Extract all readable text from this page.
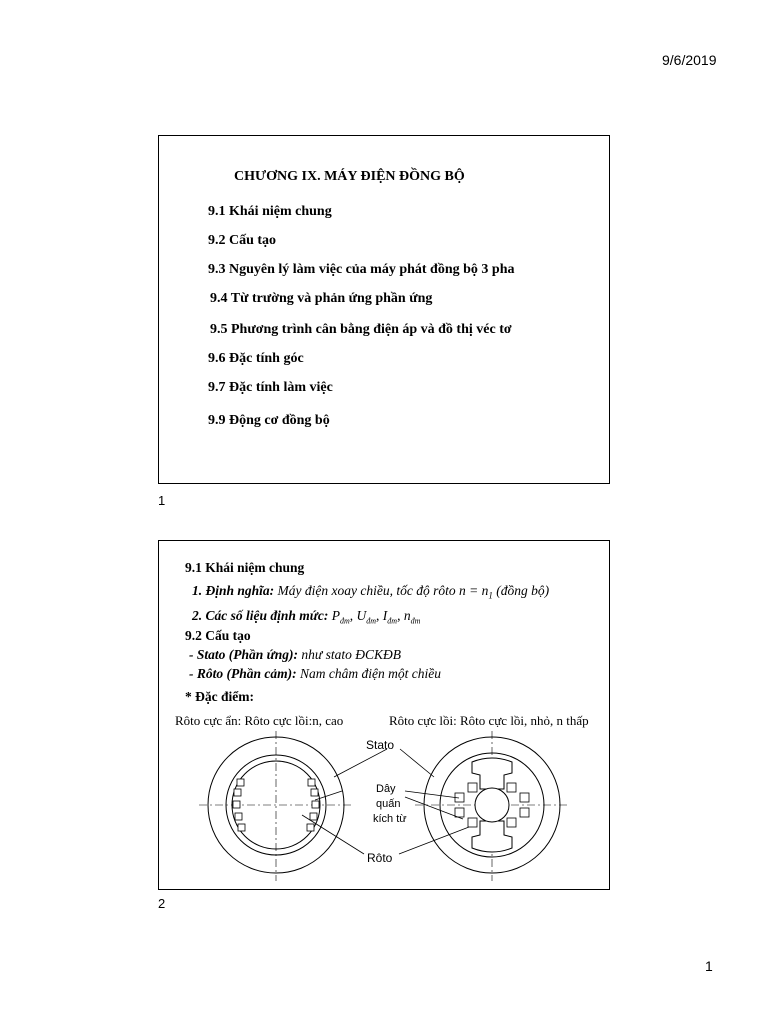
9/6/2019
CHƯƠNG IX. MÁY ĐIỆN ĐỒNG BỘ
9.1 Khái niệm chung
9.2 Cấu tạo
9.3 Nguyên lý làm việc của máy phát đồng bộ 3 pha
9.4 Từ trường và phản ứng phần ứng
9.5 Phương trình cân bằng điện áp và đồ thị véc tơ
9.6 Đặc tính góc
9.7 Đặc tính làm việc
9.9 Động cơ đồng bộ
1
9.1 Khái niệm chung
1. Định nghĩa: Máy điện xoay chiều, tốc độ rôto $n = n_1$ (đồng bộ)
2. Các số liệu định mức: $P_{đm}$, $U_{đm}$, $I_{đm}$, $n_{đm}$
9.2 Cấu tạo
- Stato (Phần ứng): như stato ĐCKĐB
- Rôto (Phần cảm): Nam châm điện một chiều
* Đặc điểm:
Rôto cực ẩn: Rôto cực lồi:n, cao	Rôto cực lồi: Rôto cực lồi, nhỏ, n thấp
Stato
Dây
quấn
kích từ
Rôto
2
1
